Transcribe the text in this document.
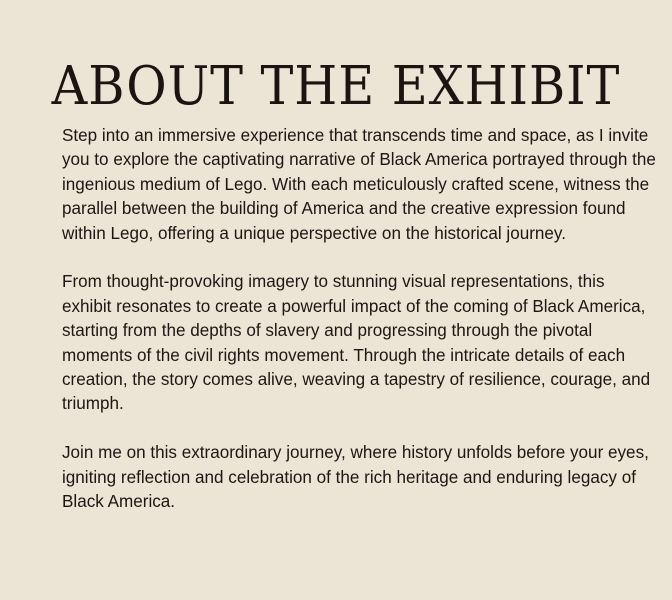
ABOUT THE EXHIBIT

Step into an immersive experience that transcends time and space, as I invite you to explore the captivating narrative of Black America portrayed through the ingenious medium of Lego. With each meticulously crafted scene, witness the parallel between the building of America and the creative expression found within Lego, offering a unique perspective on the historical journey.

From thought-provoking imagery to stunning visual representations, this exhibit resonates to create a powerful impact of the coming of Black America, starting from the depths of slavery and progressing through the pivotal moments of the civil rights movement. Through the intricate details of each creation, the story comes alive, weaving a tapestry of resilience, courage, and triumph.

Join me on this extraordinary journey, where history unfolds before your eyes, igniting reflection and celebration of the rich heritage and enduring legacy of Black America.
